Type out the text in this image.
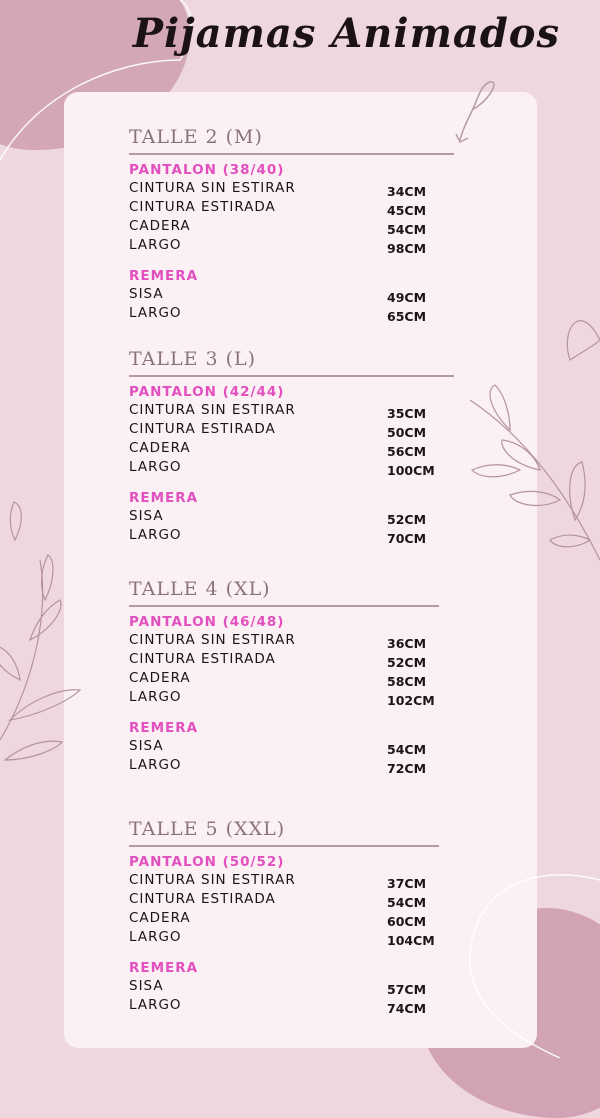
Pijamas Animados
TALLE 2 (M)
PANTALON (38/40)
CINTURA SIN ESTIRAR	34CM
CINTURA ESTIRADA	45CM
CADERA	54CM
LARGO	98CM
REMERA
SISA	49CM
LARGO	65CM
TALLE 3 (L)
PANTALON (42/44)
CINTURA SIN ESTIRAR	35CM
CINTURA ESTIRADA	50CM
CADERA	56CM
LARGO	100CM
REMERA
SISA	52CM
LARGO	70CM
TALLE 4 (XL)
PANTALON (46/48)
CINTURA SIN ESTIRAR	36CM
CINTURA ESTIRADA	52CM
CADERA	58CM
LARGO	102CM
REMERA
SISA	54CM
LARGO	72CM
TALLE 5 (XXL)
PANTALON (50/52)
CINTURA SIN ESTIRAR	37CM
CINTURA ESTIRADA	54CM
CADERA	60CM
LARGO	104CM
REMERA
SISA	57CM
LARGO	74CM
